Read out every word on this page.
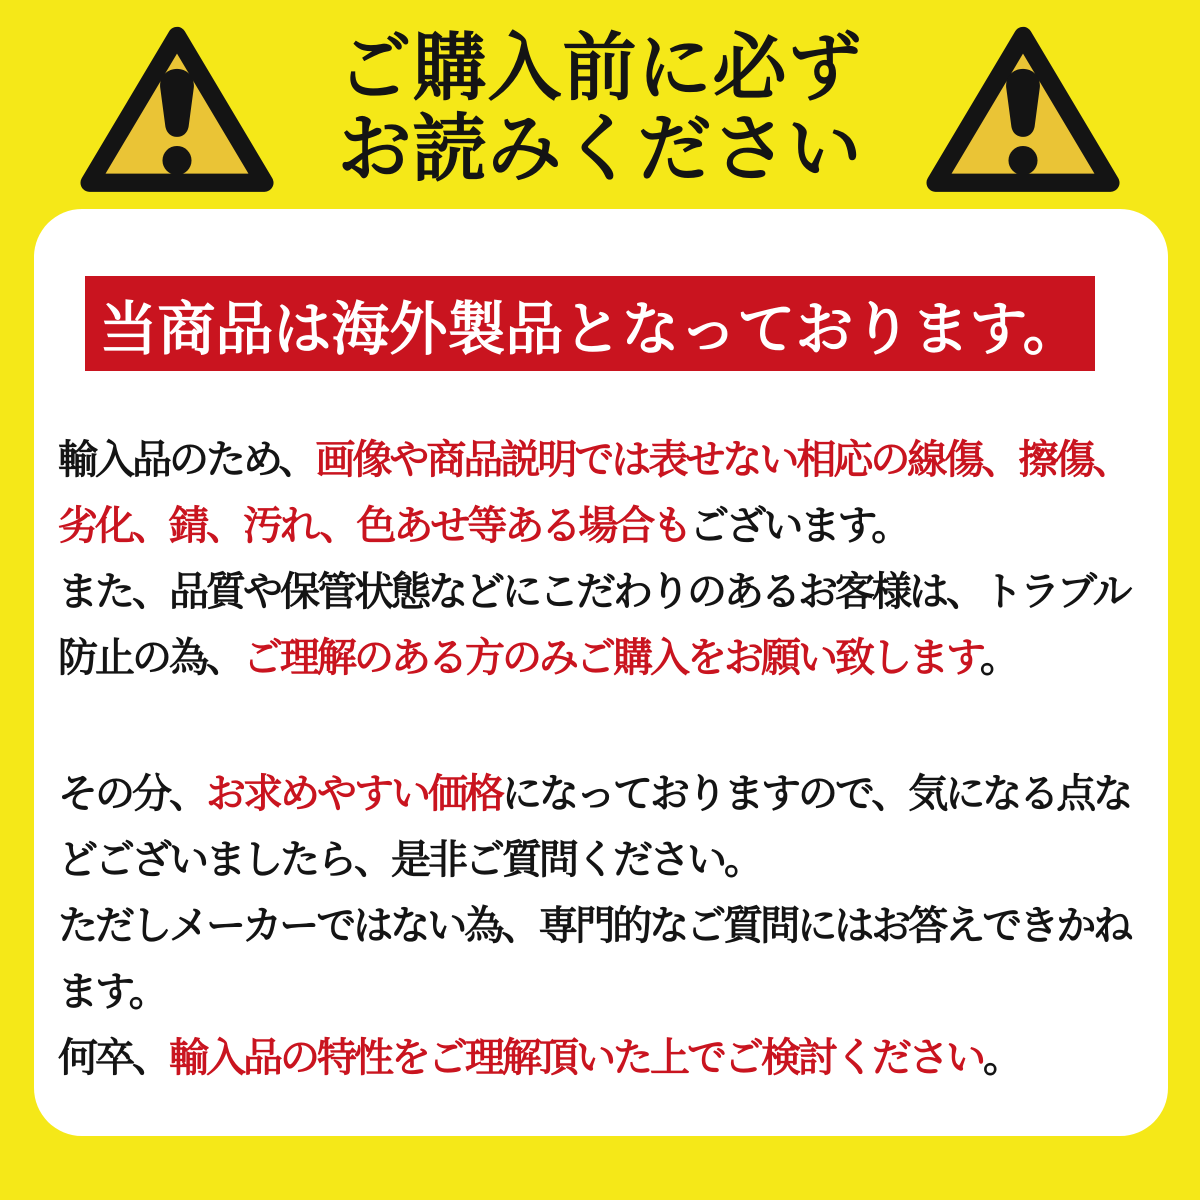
ご購入前に必ず
お読みください
当商品は海外製品となっております。
輸入品のため、画像や商品説明では表せない相応の線傷、擦傷、劣化、錆、汚れ、色あせ等ある場合もございます。
また、品質や保管状態などにこだわりのあるお客様は、トラブル防止の為、ご理解のある方のみご購入をお願い致します。
その分、お求めやすい価格になっておりますので、気になる点などございましたら、是非ご質問ください。
ただしメーカーではない為、専門的なご質問にはお答えできかねます。
何卒、輸入品の特性をご理解頂いた上でご検討ください。
